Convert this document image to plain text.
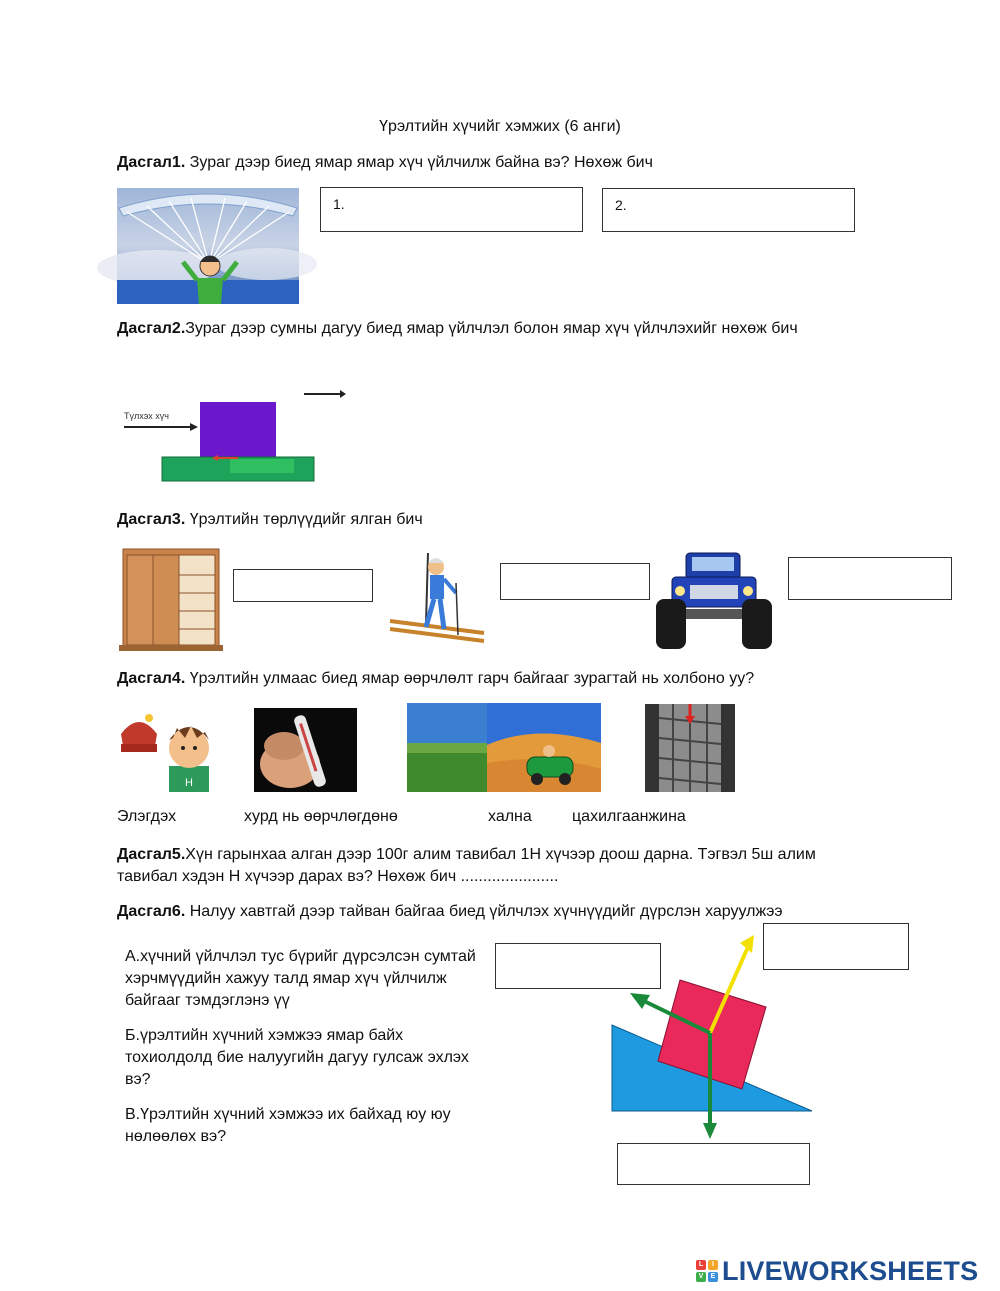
Үрэлтийн хүчийг хэмжих (6 анги)
Дасгал1. Зураг дээр биед ямар ямар хүч үйлчилж байна вэ? Нөхөж бич
1.	2.
Дасгал2.Зураг дээр сумны дагуу биед ямар үйлчлэл болон ямар хүч үйлчлэхийг нөхөж бич
Түлхэх хүч
Дасгал3. Үрэлтийн төрлүүдийг ялган бич
Дасгал4. Үрэлтийн улмаас биед ямар өөрчлөлт гарч байгааг зурагтай нь холбоно уу?
H
Элэгдэх	хурд нь өөрчлөгдөнө	хална	цахилгаанжина
Дасгал5.Хүн гарынхаа алган дээр 100г алим тавибал 1Н хүчээр доош дарна. Тэгвэл 5ш алим тавибал хэдэн Н хүчээр дарах вэ? Нөхөж бич ......................
Дасгал6. Налуу хавтгай дээр тайван байгаа биед үйлчлэх хүчнүүдийг дүрслэн харуулжээ
А.хүчний үйлчлэл тус бүрийг дүрсэлсэн сумтай хэрчмүүдийн хажуу талд ямар хүч үйлчилж байгааг тэмдэглэнэ үү
Б.үрэлтийн хүчний хэмжээ ямар байх тохиолдолд бие налуугийн дагуу гулсаж эхлэх вэ?
В.Үрэлтийн хүчний хэмжээ их байхад юу юу нөлөөлөх вэ?
L	I
V	E LIVEWORKSHEETS
